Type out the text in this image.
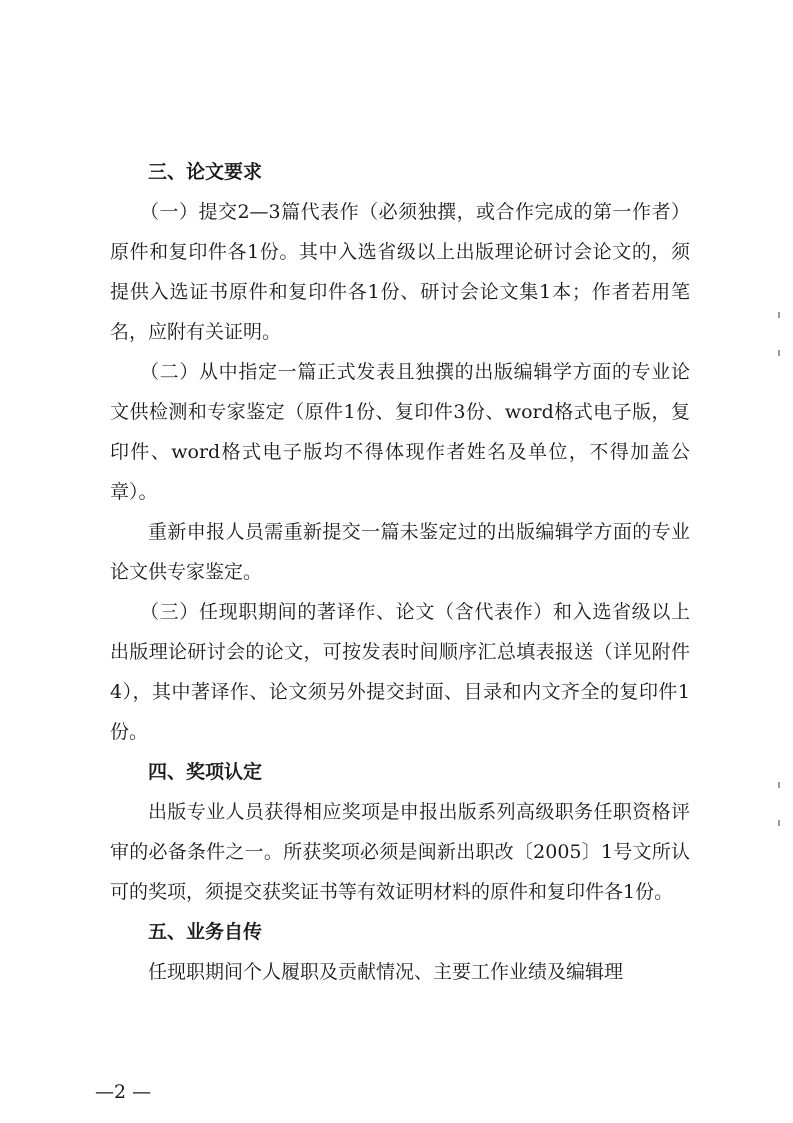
三、论文要求

（一）提交2—3篇代表作（必须独撰，或合作完成的第一作者）原件和复印件各1份。其中入选省级以上出版理论研讨会论文的，须提供入选证书原件和复印件各1份、研讨会论文集1本；作者若用笔名，应附有关证明。

（二）从中指定一篇正式发表且独撰的出版编辑学方面的专业论文供检测和专家鉴定（原件1份、复印件3份、word格式电子版，复印件、word格式电子版均不得体现作者姓名及单位，不得加盖公章）。

重新申报人员需重新提交一篇未鉴定过的出版编辑学方面的专业论文供专家鉴定。

（三）任现职期间的著译作、论文（含代表作）和入选省级以上出版理论研讨会的论文，可按发表时间顺序汇总填表报送（详见附件4），其中著译作、论文须另外提交封面、目录和内文齐全的复印件1份。

四、奖项认定

出版专业人员获得相应奖项是申报出版系列高级职务任职资格评审的必备条件之一。所获奖项必须是闽新出职改〔2005〕1号文所认可的奖项，须提交获奖证书等有效证明材料的原件和复印件各1份。

五、业务自传

任现职期间个人履职及贡献情况、主要工作业绩及编辑理

—2 —
